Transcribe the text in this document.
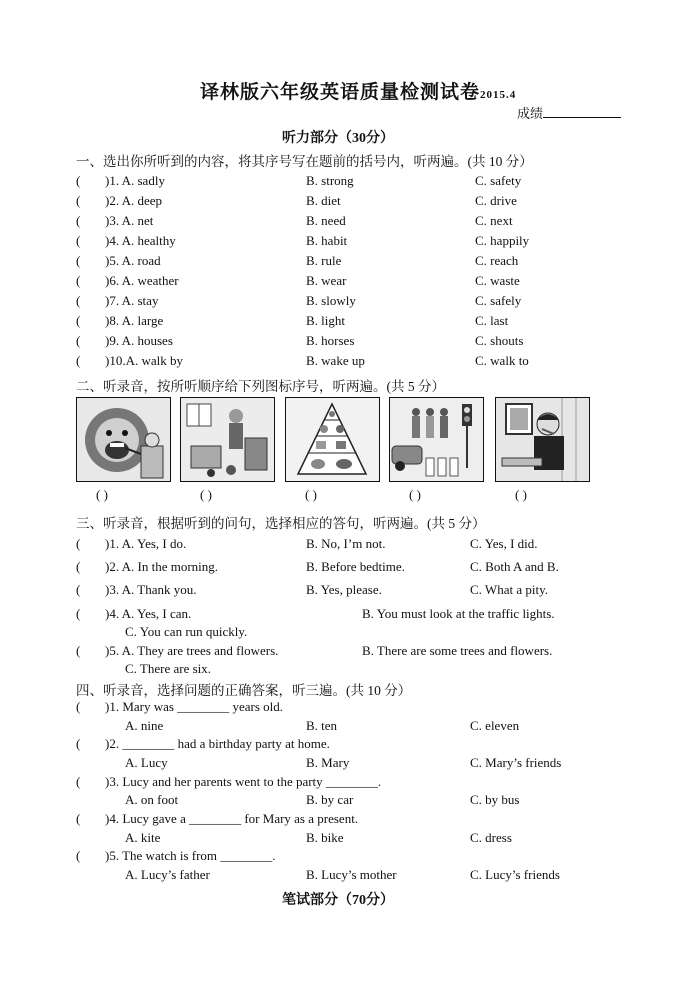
译林版六年级英语质量检测试卷2015.4
成绩
听力部分（30分）
一、选出你所听到的内容，将其序号写在题前的括号内，听两遍。(共 10 分）
( )1. A. sadly	B. strong	C. safety
( )2. A. deep	B. diet	C. drive
( )3. A. net	B. need	C. next
( )4. A. healthy	B. habit	C. happily
( )5. A. road	B. rule	C. reach
( )6. A. weather	B. wear	C. waste
( )7. A. stay	B. slowly	C. safely
( )8. A. large	B. light	C. last
( )9. A. houses	B. horses	C. shouts
( )10.A. walk by	B. wake up	C. walk to
二、听录音，按所听顺序给下列图标序号，听两遍。(共 5 分）
( )	( )	( )	( )	( )
三、听录音，根据听到的问句，选择相应的答句，听两遍。(共 5 分）
( )1. A. Yes, I do.	B. No, I’m not.	C. Yes, I did.
( )2. A. In the morning.	B. Before bedtime.	C. Both A and B.
( )3. A. Thank you.	B. Yes, please.	C. What a pity.
( )4. A. Yes, I can.	B. You must look at the traffic lights.
C. You can run quickly.
( )5. A. They are trees and flowers.	B. There are some trees and flowers.
C. There are six.
四、听录音，选择问题的正确答案，听三遍。(共 10 分）
( )1. Mary was ________ years old.
A. nine	B. ten	C. eleven
( )2. ________ had a birthday party at home.
A. Lucy	B. Mary	C. Mary’s friends
( )3. Lucy and her parents went to the party ________.
A. on foot	B. by car	C. by bus
( )4. Lucy gave a ________ for Mary as a present.
A. kite	B. bike	C. dress
( )5. The watch is from ________.
A. Lucy’s father	B. Lucy’s mother	C. Lucy’s friends
笔试部分（70分）
